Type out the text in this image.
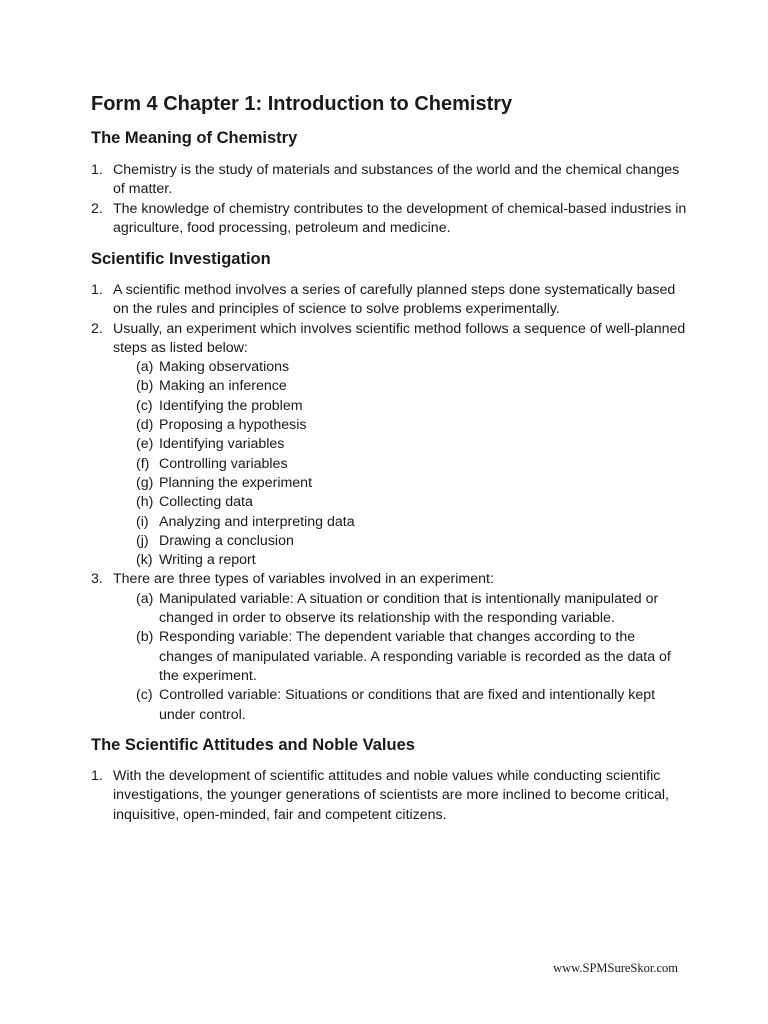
Form 4 Chapter 1: Introduction to Chemistry
The Meaning of Chemistry
1. Chemistry is the study of materials and substances of the world and the chemical changes of matter.
2. The knowledge of chemistry contributes to the development of chemical-based industries in agriculture, food processing, petroleum and medicine.
Scientific Investigation
1. A scientific method involves a series of carefully planned steps done systematically based on the rules and principles of science to solve problems experimentally.
2. Usually, an experiment which involves scientific method follows a sequence of well-planned steps as listed below:
(a) Making observations
(b) Making an inference
(c) Identifying the problem
(d) Proposing a hypothesis
(e) Identifying variables
(f) Controlling variables
(g) Planning the experiment
(h) Collecting data
(i) Analyzing and interpreting data
(j) Drawing a conclusion
(k) Writing a report
3. There are three types of variables involved in an experiment:
(a) Manipulated variable: A situation or condition that is intentionally manipulated or changed in order to observe its relationship with the responding variable.
(b) Responding variable: The dependent variable that changes according to the changes of manipulated variable. A responding variable is recorded as the data of the experiment.
(c) Controlled variable: Situations or conditions that are fixed and intentionally kept under control.
The Scientific Attitudes and Noble Values
1. With the development of scientific attitudes and noble values while conducting scientific investigations, the younger generations of scientists are more inclined to become critical, inquisitive, open-minded, fair and competent citizens.
www.SPMSureSkor.com
